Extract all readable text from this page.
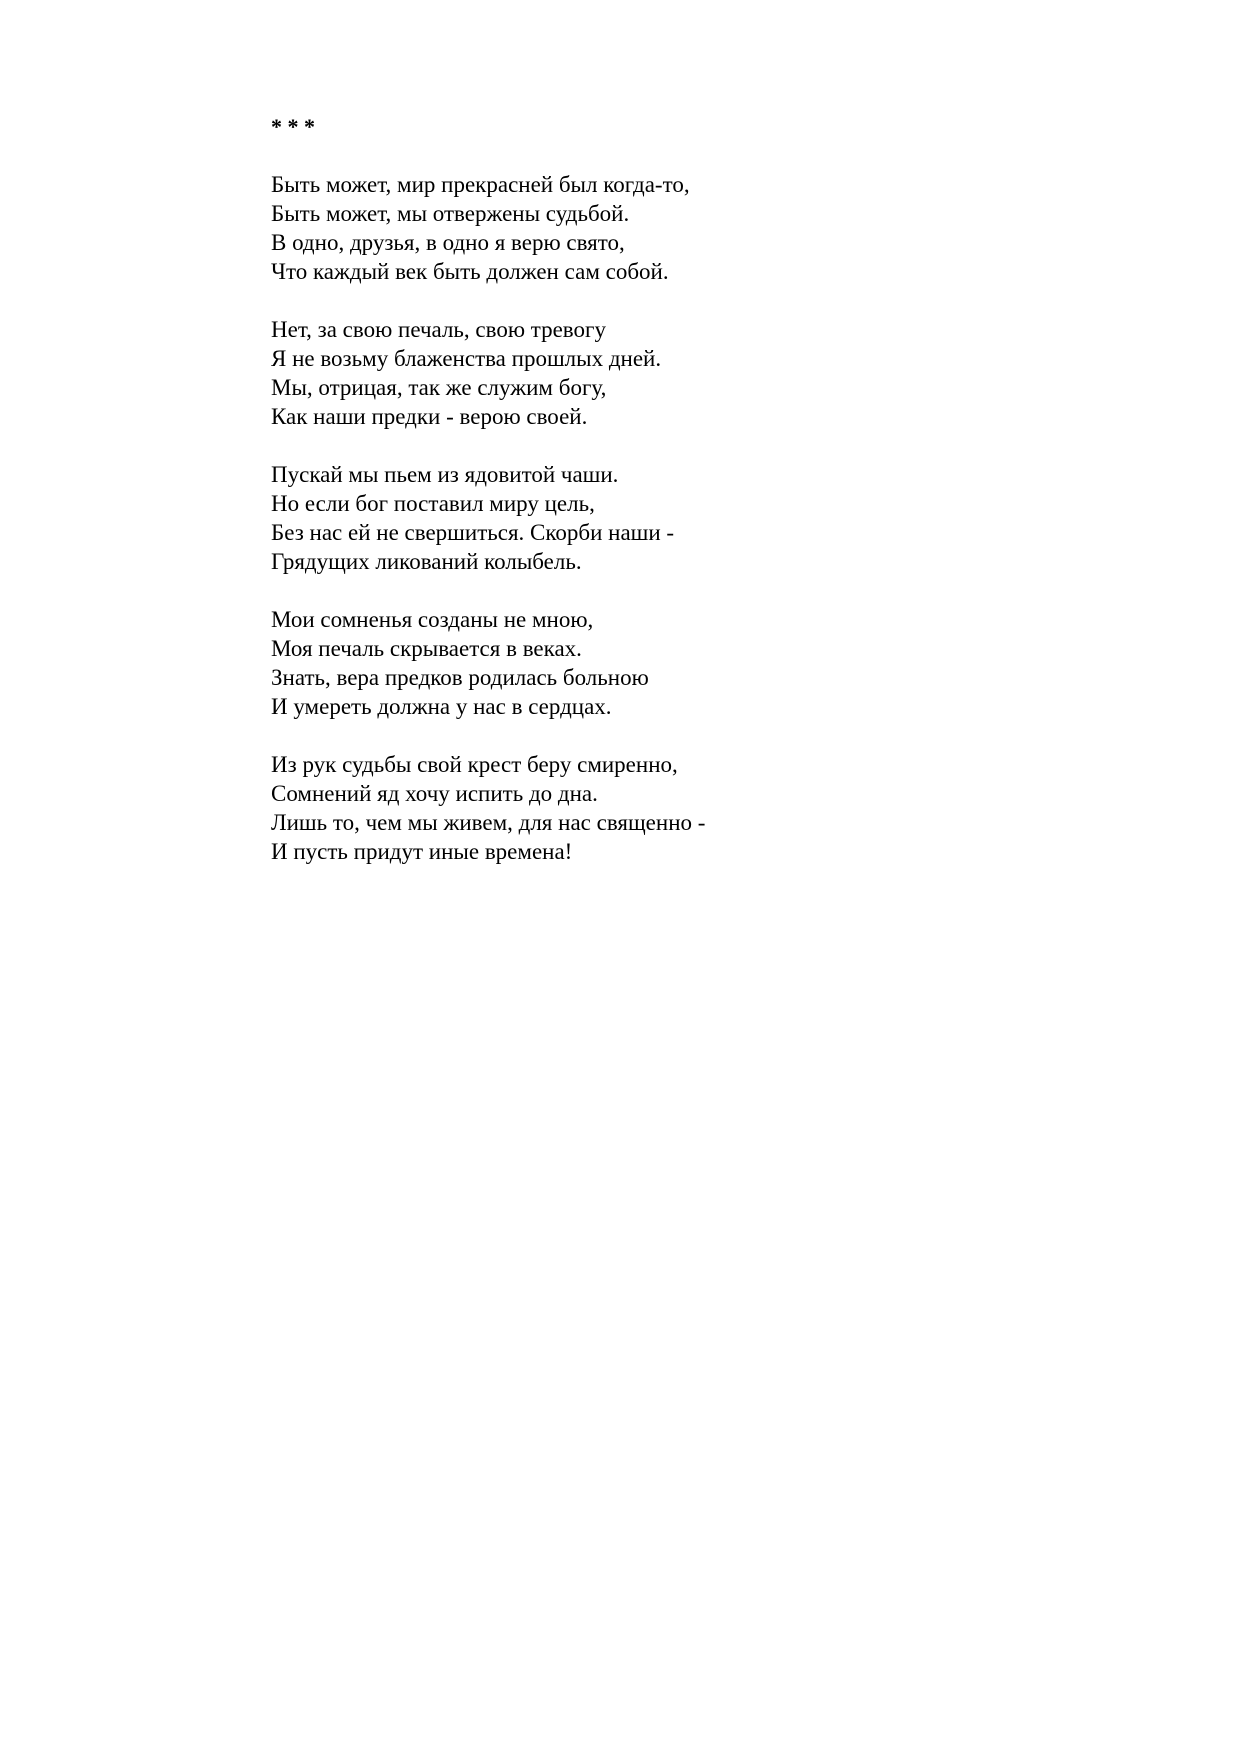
* * *
Быть может, мир прекрасней был когда-то,
Быть может, мы отвержены судьбой.
В одно, друзья, в одно я верю свято,
Что каждый век быть должен сам собой.
Нет, за свою печаль, свою тревогу
Я не возьму блаженства прошлых дней.
Мы, отрицая, так же служим богу,
Как наши предки - верою своей.
Пускай мы пьем из ядовитой чаши.
Но если бог поставил миру цель,
Без нас ей не свершиться. Скорби наши -
Грядущих ликований колыбель.
Мои сомненья созданы не мною,
Моя печаль скрывается в веках.
Знать, вера предков родилась больною
И умереть должна у нас в сердцах.
Из рук судьбы свой крест беру смиренно,
Сомнений яд хочу испить до дна.
Лишь то, чем мы живем, для нас священно -
И пусть придут иные времена!
